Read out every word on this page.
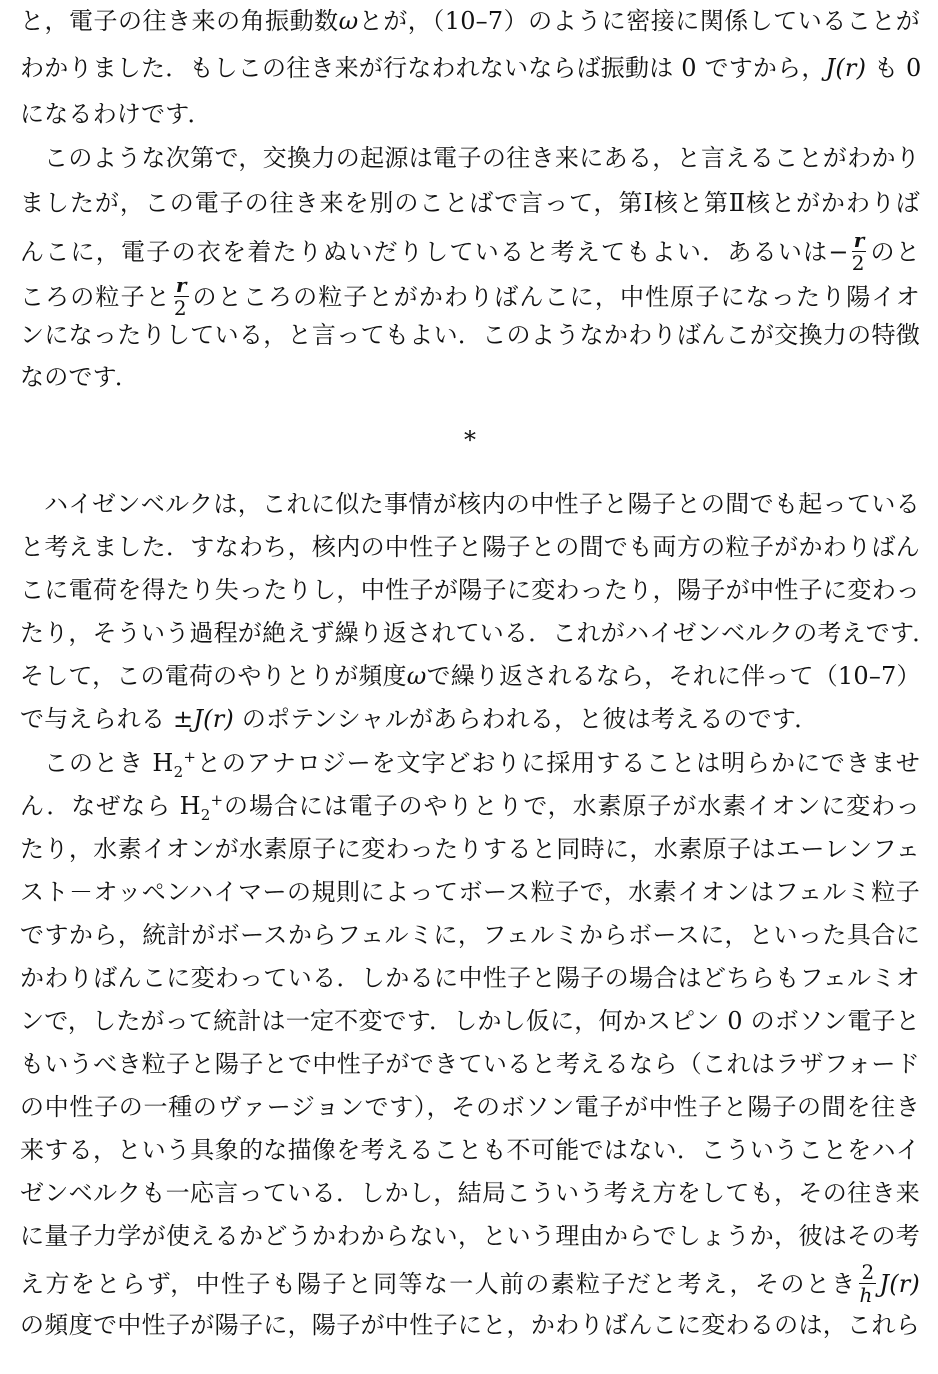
と，電子の往き来の角振動数ωとが，（10–7）のように密接に関係していることが
わかりました．もしこの往き来が行なわれないならば振動は 0 ですから，J(r) も 0
になるわけです．
このような次第で，交換力の起源は電子の往き来にある，と言えることがわかり
ましたが，この電子の往き来を別のことばで言って，第Ⅰ核と第Ⅱ核とがかわりば
んこに，電子の衣を着たりぬいだりしていると考えてもよい．あるいは− $\frac{r}{2}$ のと
ころの粒子と $\frac{r}{2}$ のところの粒子とがかわりばんこに，中性原子になったり陽イオ
ンになったりしている，と言ってもよい．このようなかわりばんこが交換力の特徴
なのです．
*
ハイゼンベルクは，これに似た事情が核内の中性子と陽子との間でも起っている
と考えました．すなわち，核内の中性子と陽子との間でも両方の粒子がかわりばん
こに電荷を得たり失ったりし，中性子が陽子に変わったり，陽子が中性子に変わっ
たり，そういう過程が絶えず繰り返されている．これがハイゼンベルクの考えです．
そして，この電荷のやりとりが頻度ωで繰り返されるなら，それに伴って（10–7）
で与えられる ±J(r) のポテンシャルがあらわれる，と彼は考えるのです．
このとき $H_2^+$とのアナロジーを文字どおりに採用することは明らかにできませ
ん．なぜなら $H_2^+$の場合には電子のやりとりで，水素原子が水素イオンに変わっ
たり，水素イオンが水素原子に変わったりすると同時に，水素原子はエーレンフェ
スト－オッペンハイマーの規則によってボース粒子で，水素イオンはフェルミ粒子
ですから，統計がボースからフェルミに，フェルミからボースに，といった具合に
かわりばんこに変わっている．しかるに中性子と陽子の場合はどちらもフェルミオ
ンで，したがって統計は一定不変です．しかし仮に，何かスピン 0 のボソン電子と
もいうべき粒子と陽子とで中性子ができていると考えるなら（これはラザフォード
の中性子の一種のヴァージョンです），そのボソン電子が中性子と陽子の間を往き
来する，という具象的な描像を考えることも不可能ではない．こういうことをハイ
ゼンベルクも一応言っている．しかし，結局こういう考え方をしても，その往き来
に量子力学が使えるかどうかわからない，という理由からでしょうか，彼はその考
え方をとらず，中性子も陽子と同等な一人前の素粒子だと考え，そのとき $\frac{2}{h} J(r)$
の頻度で中性子が陽子に，陽子が中性子にと，かわりばんこに変わるのは，これら
